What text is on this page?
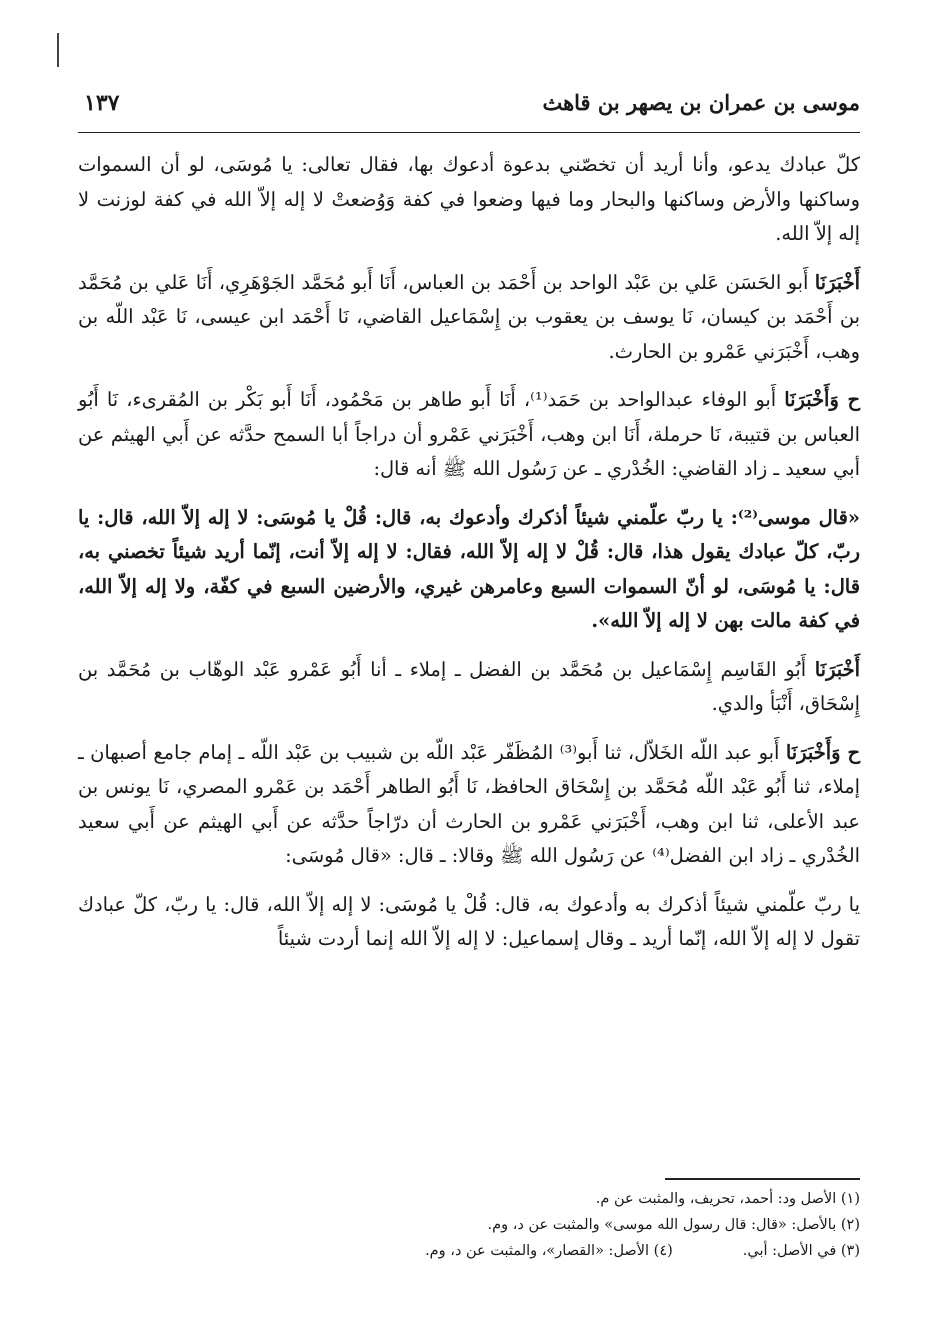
موسى بن عمران بن يصهر بن قاهث
١٣٧

كلّ عبادك يدعو، وأنا أريد أن تخصّني بدعوة أدعوك بها، فقال تعالى: يا مُوسَى، لو أن السموات وساكنها والأرض وساكنها والبحار وما فيها وضعوا في كفة وَوُضعتْ لا إله إلاّ الله في كفة لوزنت لا إله إلاّ الله.

أَخْبَرَنَا أَبو الحَسَن عَلي بن عَبْد الواحد بن أَحْمَد بن العباس، أَنَا أَبو مُحَمَّد الجَوْهَرِي، أَنَا عَلي بن مُحَمَّد بن أَحْمَد بن كيسان، نَا يوسف بن يعقوب بن إِسْمَاعيل القاضي، نَا أَحْمَد ابن عيسى، نَا عَبْد اللّه بن وهب، أَخْبَرَني عَمْرو بن الحارث.

ح وَأَخْبَرَنَا أَبو الوفاء عبدالواحد بن حَمَد⁽¹⁾، أَنَا أَبو طاهر بن مَحْمُود، أَنَا أَبو بَكْر بن المُقرىء، نَا أَبُو العباس بن قتيبة، نَا حرملة، أَنَا ابن وهب، أَخْبَرَني عَمْرو أن دراجاً أبا السمح حدَّثه عن أَبي الهيثم عن أبي سعيد ـ زاد القاضي: الخُدْري ـ عن رَسُول الله ﷺ أنه قال:

«قال موسى⁽²⁾: يا ربّ علّمني شيئاً أذكرك وأدعوك به، قال: قُلْ يا مُوسَى: لا إله إلاّ الله، قال: يا ربّ، كلّ عبادك يقول هذا، قال: قُلْ لا إله إلاّ الله، فقال: لا إله إلاّ أنت، إنّما أريد شيئاً تخصني به، قال: يا مُوسَى، لو أنّ السموات السبع وعامرهن غيري، والأرضين السبع في كفّة، ولا إله إلاّ الله، في كفة مالت بهن لا إله إلاّ الله».

أَخْبَرَنَا أَبُو القَاسِم إِسْمَاعيل بن مُحَمَّد بن الفضل ـ إملاء ـ أنا أَبُو عَمْرو عَبْد الوهّاب بن مُحَمَّد بن إِسْحَاق، أَنْبَأ والدي.

ح وَأَخْبَرَنَا أَبو عبد اللّه الخَلاّل، ثنا أَبو⁽³⁾ المُظَفّر عَبْد اللّه بن شبيب بن عَبْد اللّه ـ إمام جامع أصبهان ـ إملاء، ثنا أَبُو عَبْد اللّه مُحَمَّد بن إِسْحَاق الحافظ، نَا أَبُو الطاهر أَحْمَد بن عَمْرو المصري، نَا يونس بن عبد الأعلى، ثنا ابن وهب، أَخْبَرَني عَمْرو بن الحارث أن درّاجاً حدَّثه عن أَبي الهيثم عن أَبي سعيد الخُدْري ـ زاد ابن الفضل⁽⁴⁾ عن رَسُول الله ﷺ وقالا: ـ قال: «قال مُوسَى:

يا ربّ علّمني شيئاً أذكرك به وأدعوك به، قال: قُلْ يا مُوسَى: لا إله إلاّ الله، قال: يا ربّ، كلّ عبادك تقول لا إله إلاّ الله، إنّما أريد ـ وقال إسماعيل: لا إله إلاّ الله إنما أردت شيئاً

(١) الأصل ود: أحمد، تحريف، والمثبت عن م.
(٢) بالأصل: «قال: قال رسول الله موسى» والمثبت عن د، وم.
(٣) في الأصل: أبي.
(٤) الأصل: «القصار»، والمثبت عن د، وم.
